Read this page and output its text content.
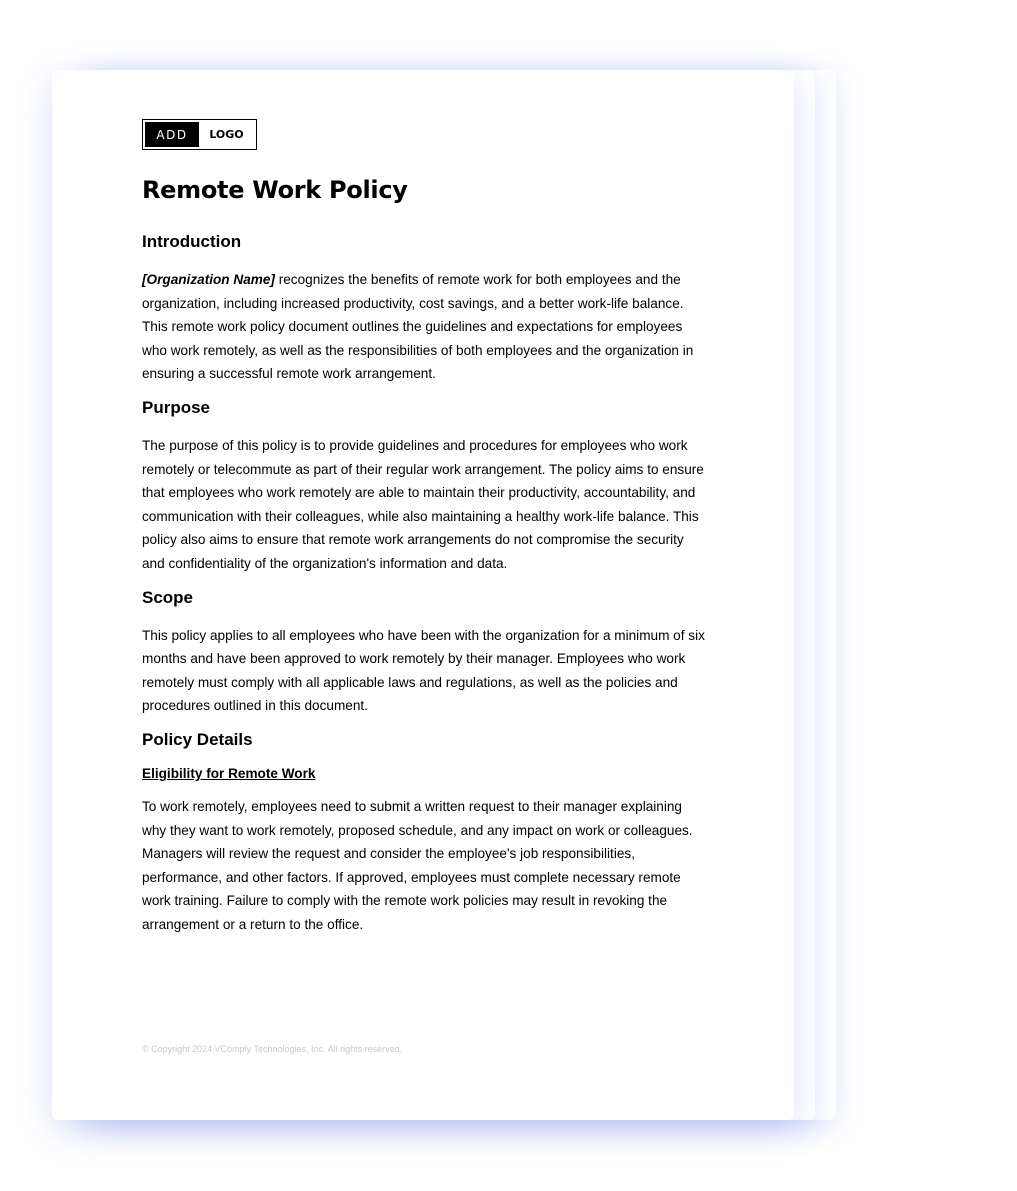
ADD	LOGO
Remote Work Policy
Introduction

[Organization Name] recognizes the benefits of remote work for both employees and the organization, including increased productivity, cost savings, and a better work-life balance. This remote work policy document outlines the guidelines and expectations for employees who work remotely, as well as the responsibilities of both employees and the organization in ensuring a successful remote work arrangement.

Purpose

The purpose of this policy is to provide guidelines and procedures for employees who work remotely or telecommute as part of their regular work arrangement. The policy aims to ensure that employees who work remotely are able to maintain their productivity, accountability, and communication with their colleagues, while also maintaining a healthy work-life balance. This policy also aims to ensure that remote work arrangements do not compromise the security and confidentiality of the organization's information and data.

Scope

This policy applies to all employees who have been with the organization for a minimum of six months and have been approved to work remotely by their manager. Employees who work remotely must comply with all applicable laws and regulations, as well as the policies and procedures outlined in this document.

Policy Details
Eligibility for Remote Work

To work remotely, employees need to submit a written request to their manager explaining why they want to work remotely, proposed schedule, and any impact on work or colleagues. Managers will review the request and consider the employee's job responsibilities, performance, and other factors. If approved, employees must complete necessary remote work training. Failure to comply with the remote work policies may result in revoking the arrangement or a return to the office.

© Copyright 2024 VComply Technologies, Inc. All rights reserved.
